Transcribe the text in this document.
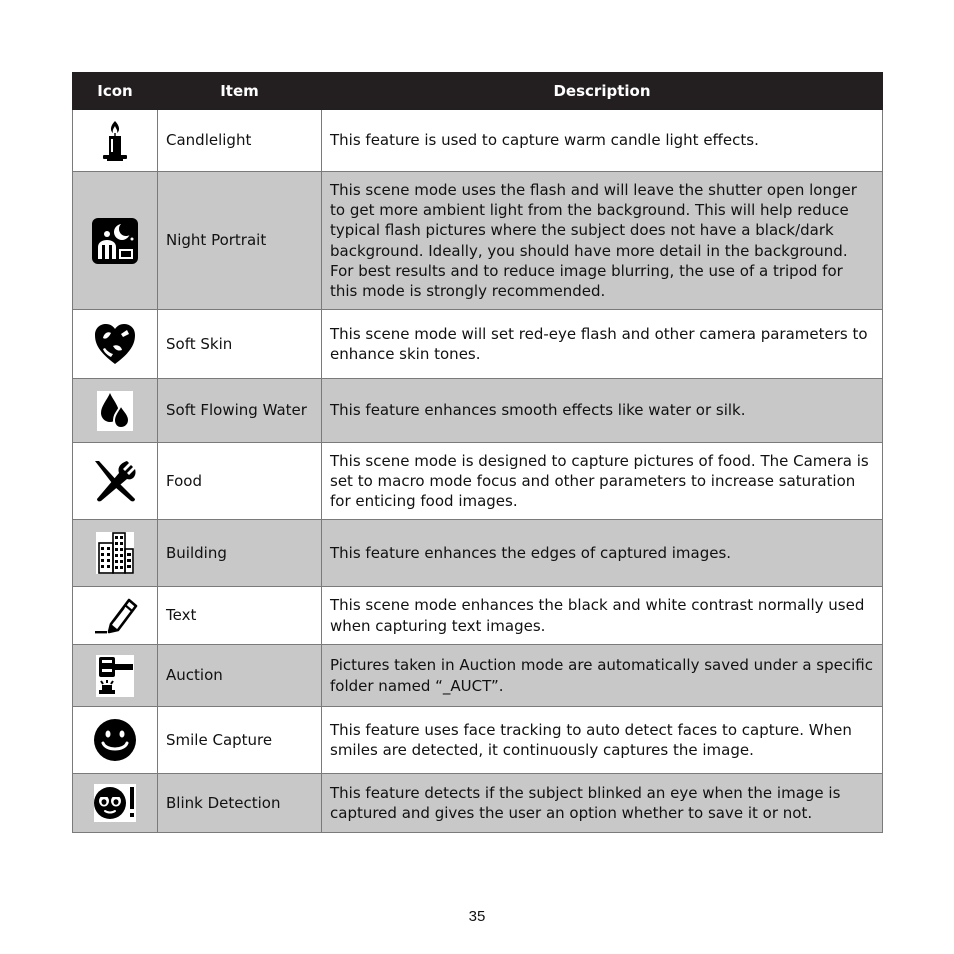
Icon	Item	Description

	Candlelight	This feature is used to capture warm candle light effects.

	Night Portrait	This scene mode uses the flash and will leave the shutter open longer to get more ambient light from the background. This will help reduce typical flash pictures where the subject does not have a black/dark background. Ideally, you should have more detail in the background. For best results and to reduce image blurring, the use of a tripod for this mode is strongly recommended.

	Soft Skin	This scene mode will set red-eye flash and other camera parameters to enhance skin tones.

	Soft Flowing Water	This feature enhances smooth effects like water or silk.

	Food	This scene mode is designed to capture pictures of food. The Camera is set to macro mode focus and other parameters to increase saturation for enticing food images.

	Building	This feature enhances the edges of captured images.

	Text	This scene mode enhances the black and white contrast normally used when capturing text images.

	Auction	Pictures taken in Auction mode are automatically saved under a specific folder named “_AUCT”.

	Smile Capture	This feature uses face tracking to auto detect faces to capture. When smiles are detected, it continuously captures the image.

	Blink Detection	This feature detects if the subject blinked an eye when the image is captured and gives the user an option whether to save it or not.
35
